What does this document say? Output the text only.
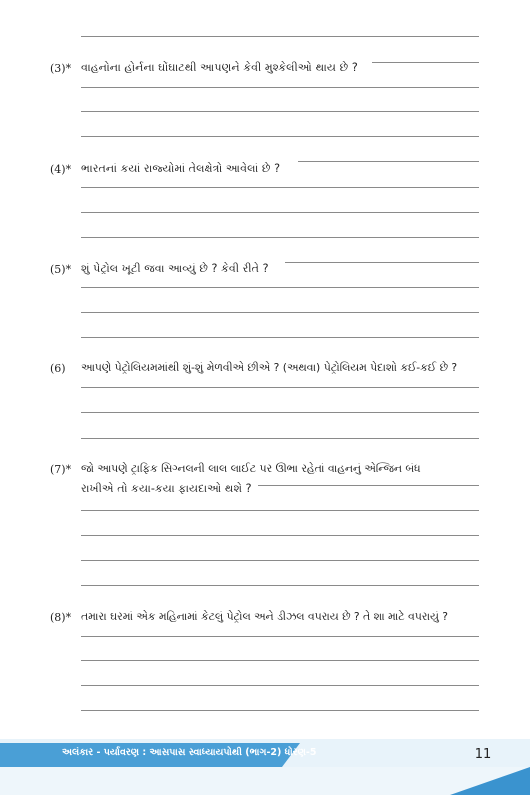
(3)* વાહનોના હોર્નના ઘોંઘાટથી આપણને કેવી મુશ્કેલીઓ થાય છે ?
(4)* ભારતનાં કયાં રાજ્યોમાં તેલક્ષેત્રો આવેલાં છે ?
(5)* શું પેટ્રોલ ખૂટી જવા આવ્યું છે ? કેવી રીતે ?
(6) આપણે પેટ્રોલિયમમાંથી શું-શું મેળવીએ છીએ ? (અથવા) પેટ્રોલિયમ પેદાશો કઈ-કઈ છે ?
(7)* જો આપણે ટ્રાફિક સિગ્નલની લાલ લાઈટ પર ઊભા રહેતાં વાહનનું એન્જિન બંધ
રાખીએ તો કયા-કયા ફાયદાઓ થશે ?
(8)* તમારા ઘરમાં એક મહિનામાં કેટલું પેટ્રોલ અને ડીઝલ વપરાય છે ? તે શા માટે વપરાયું ?
અલંકાર - પર્યાવરણ : આસપાસ સ્વાધ્યાયપોથી (ભાગ-2) ધોરણ-5	11
